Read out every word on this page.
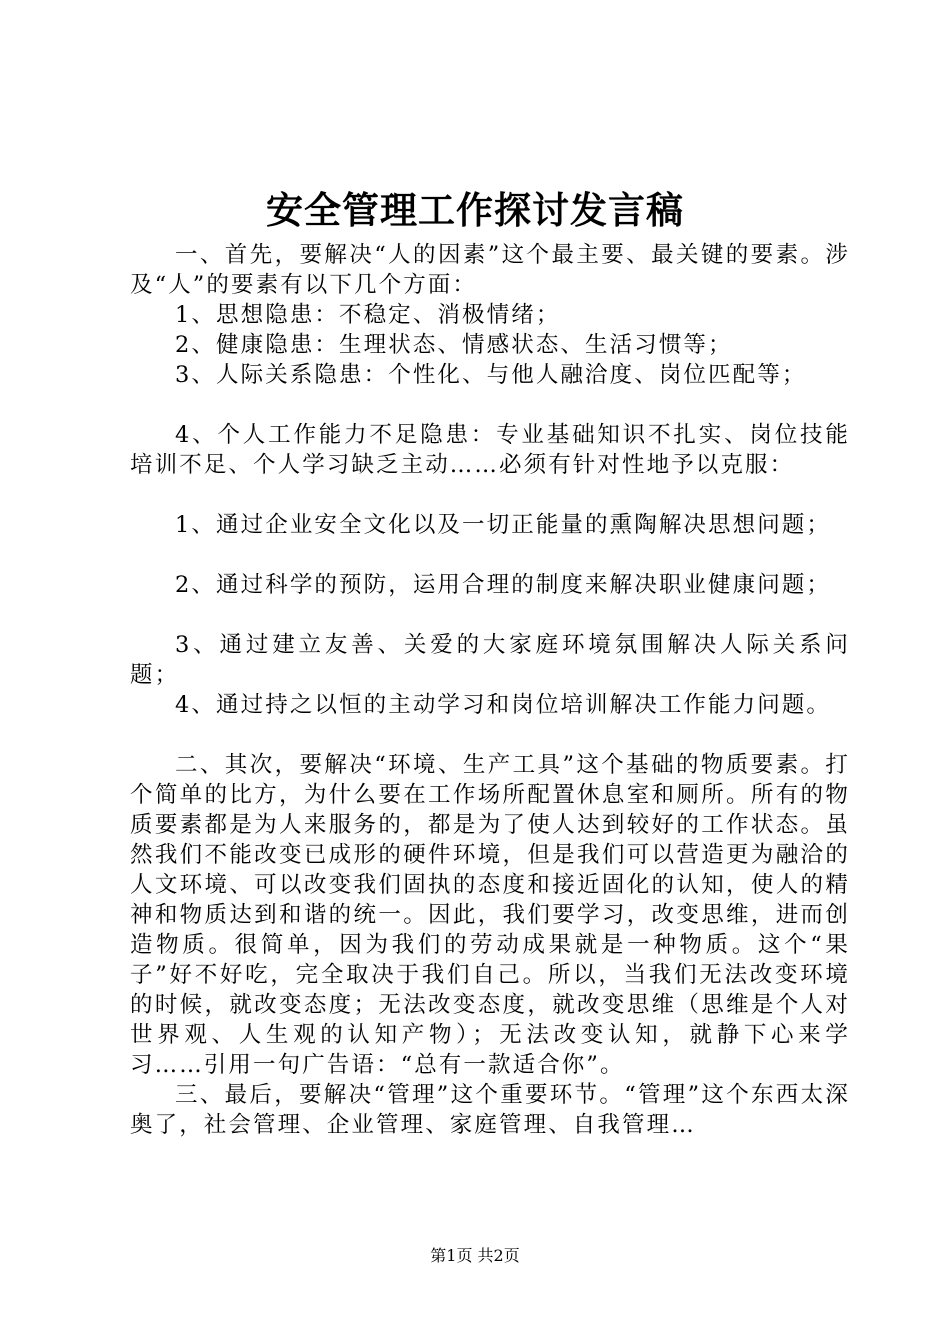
安全管理工作探讨发言稿

一、首先，要解决“人的因素”这个最主要、最关键的要素。涉及“人”的要素有以下几个方面：

1、思想隐患：不稳定、消极情绪；

2、健康隐患：生理状态、情感状态、生活习惯等；

3、人际关系隐患：个性化、与他人融洽度、岗位匹配等；

4、个人工作能力不足隐患：专业基础知识不扎实、岗位技能培训不足、个人学习缺乏主动……必须有针对性地予以克服：

1、通过企业安全文化以及一切正能量的熏陶解决思想问题；

2、通过科学的预防，运用合理的制度来解决职业健康问题；

3、通过建立友善、关爱的大家庭环境氛围解决人际关系问题；

4、通过持之以恒的主动学习和岗位培训解决工作能力问题。

二、其次，要解决“环境、生产工具”这个基础的物质要素。打个简单的比方，为什么要在工作场所配置休息室和厕所。所有的物质要素都是为人来服务的，都是为了使人达到较好的工作状态。虽然我们不能改变已成形的硬件环境，但是我们可以营造更为融洽的人文环境、可以改变我们固执的态度和接近固化的认知，使人的精神和物质达到和谐的统一。因此，我们要学习，改变思维，进而创造物质。很简单，因为我们的劳动成果就是一种物质。这个“果子”好不好吃，完全取决于我们自己。所以，当我们无法改变环境的时候，就改变态度；无法改变态度，就改变思维（思维是个人对世界观、人生观的认知产物）；无法改变认知，就静下心来学习……引用一句广告语：“总有一款适合你”。

三、最后，要解决“管理”这个重要环节。“管理”这个东西太深奥了，社会管理、企业管理、家庭管理、自我管理…

第1页 共2页
